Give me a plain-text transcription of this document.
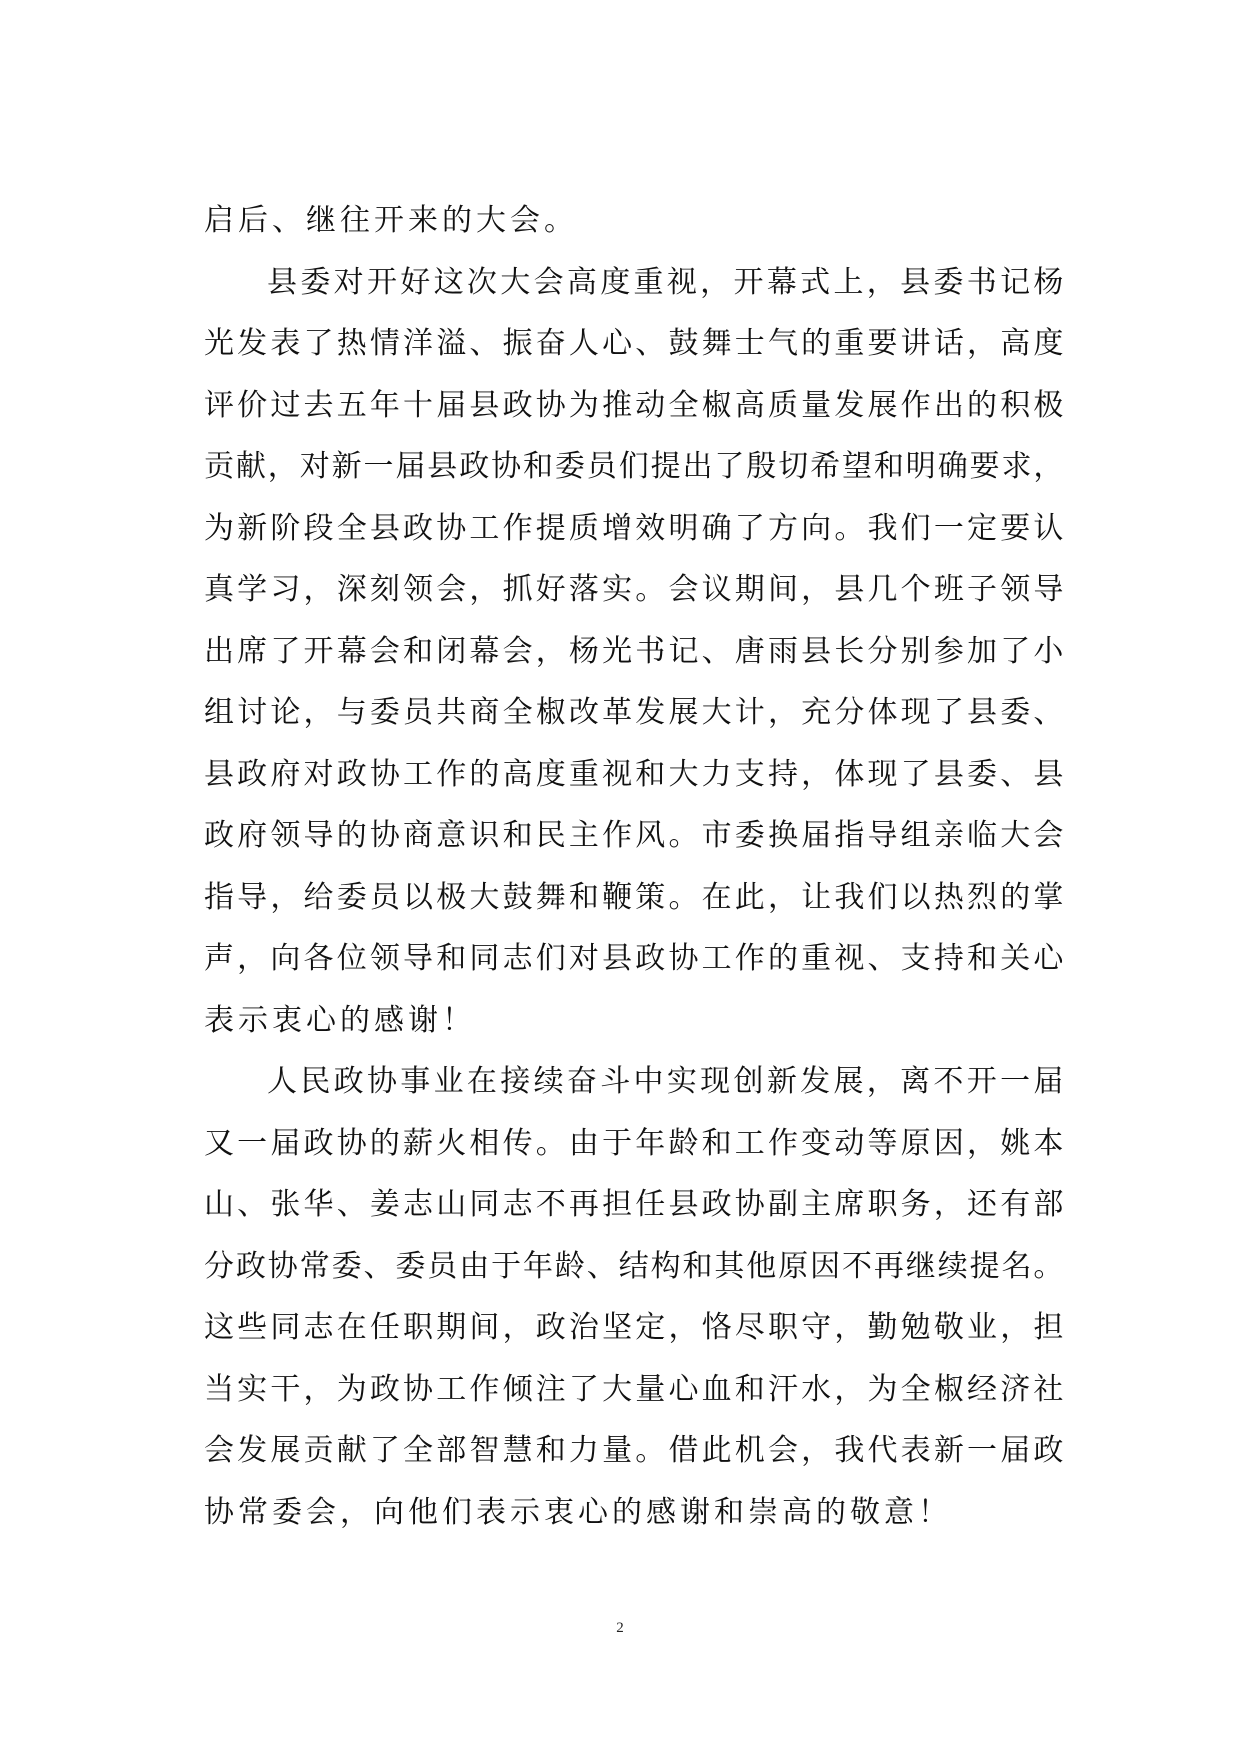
启后、继往开来的大会。
县委对开好这次大会高度重视，开幕式上，县委书记杨
光发表了热情洋溢、振奋人心、鼓舞士气的重要讲话，高度
评价过去五年十届县政协为推动全椒高质量发展作出的积极
贡献，对新一届县政协和委员们提出了殷切希望和明确要求，
为新阶段全县政协工作提质增效明确了方向。我们一定要认
真学习，深刻领会，抓好落实。会议期间，县几个班子领导
出席了开幕会和闭幕会，杨光书记、唐雨县长分别参加了小
组讨论，与委员共商全椒改革发展大计，充分体现了县委、
县政府对政协工作的高度重视和大力支持，体现了县委、县
政府领导的协商意识和民主作风。市委换届指导组亲临大会
指导，给委员以极大鼓舞和鞭策。在此，让我们以热烈的掌
声，向各位领导和同志们对县政协工作的重视、支持和关心
表示衷心的感谢！
人民政协事业在接续奋斗中实现创新发展，离不开一届
又一届政协的薪火相传。由于年龄和工作变动等原因，姚本
山、张华、姜志山同志不再担任县政协副主席职务，还有部
分政协常委、委员由于年龄、结构和其他原因不再继续提名。
这些同志在任职期间，政治坚定，恪尽职守，勤勉敬业，担
当实干，为政协工作倾注了大量心血和汗水，为全椒经济社
会发展贡献了全部智慧和力量。借此机会，我代表新一届政
协常委会，向他们表示衷心的感谢和崇高的敬意！
2
